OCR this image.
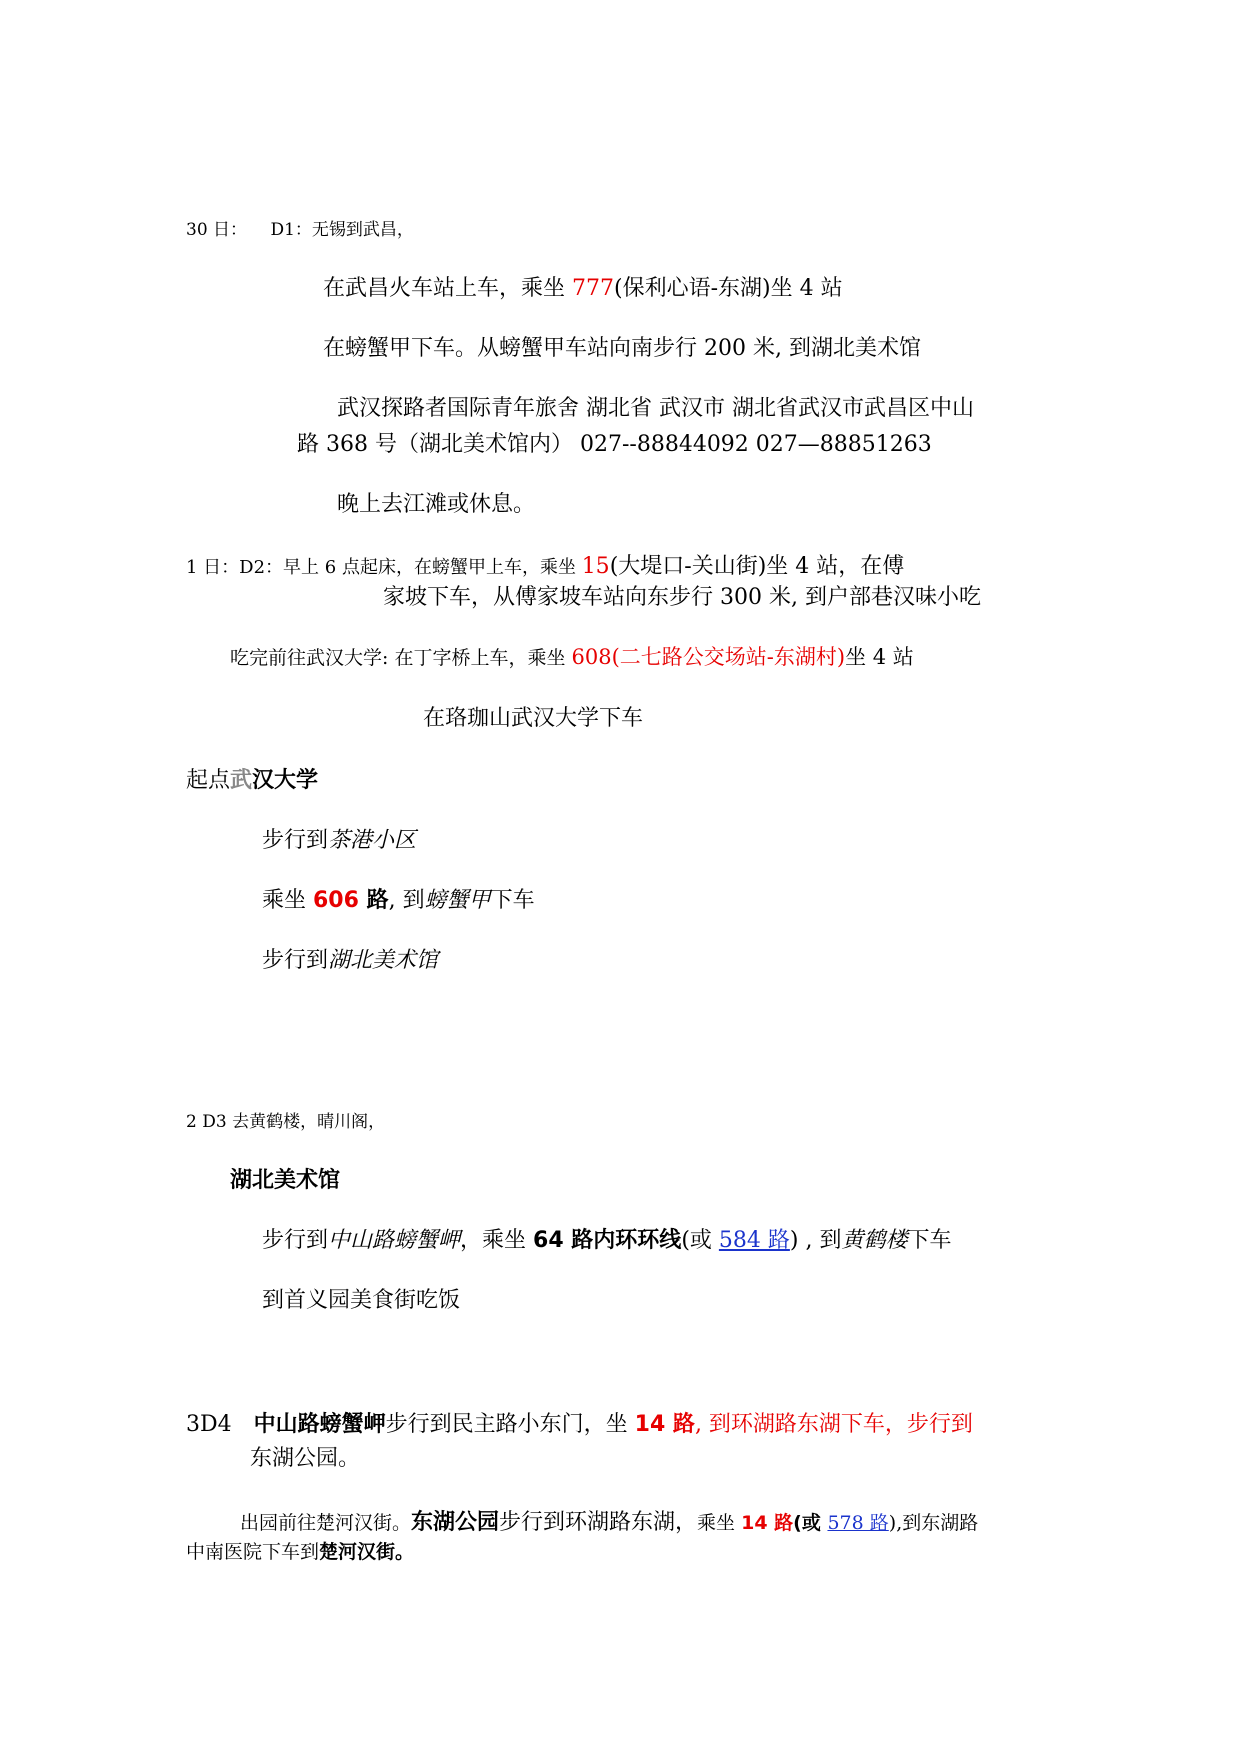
30 日： D1：无锡到武昌，
在武昌火车站上车，乘坐 777(保利心语-东湖)坐 4 站
在螃蟹甲下车。从螃蟹甲车站向南步行 200 米, 到湖北美术馆
武汉探路者国际青年旅舍 湖北省 武汉市 湖北省武汉市武昌区中山
路 368 号（湖北美术馆内） 027--88844092 027—88851263
晚上去江滩或休息。
1 日：D2：早上 6 点起床，在螃蟹甲上车，乘坐 15(大堤口-关山街)坐 4 站，在傅
家坡下车，从傅家坡车站向东步行 300 米, 到户部巷汉味小吃
吃完前往武汉大学: 在丁字桥上车，乘坐 608(二七路公交场站-东湖村)坐 4 站
在珞珈山武汉大学下车
起点武汉大学
步行到茶港小区
乘坐 606 路, 到螃蟹甲下车
步行到湖北美术馆
2 D3 去黄鹤楼，晴川阁，
湖北美术馆
步行到中山路螃蟹岬，乘坐 64 路内环环线(或 584 路) , 到黄鹤楼下车
到首义园美食街吃饭
3D4 中山路螃蟹岬步行到民主路小东门，坐 14 路, 到环湖路东湖下车，步行到
东湖公园。
出园前往楚河汉街。东湖公园步行到环湖路东湖，乘坐 14 路(或 578 路),到东湖路
中南医院下车到楚河汉街。
